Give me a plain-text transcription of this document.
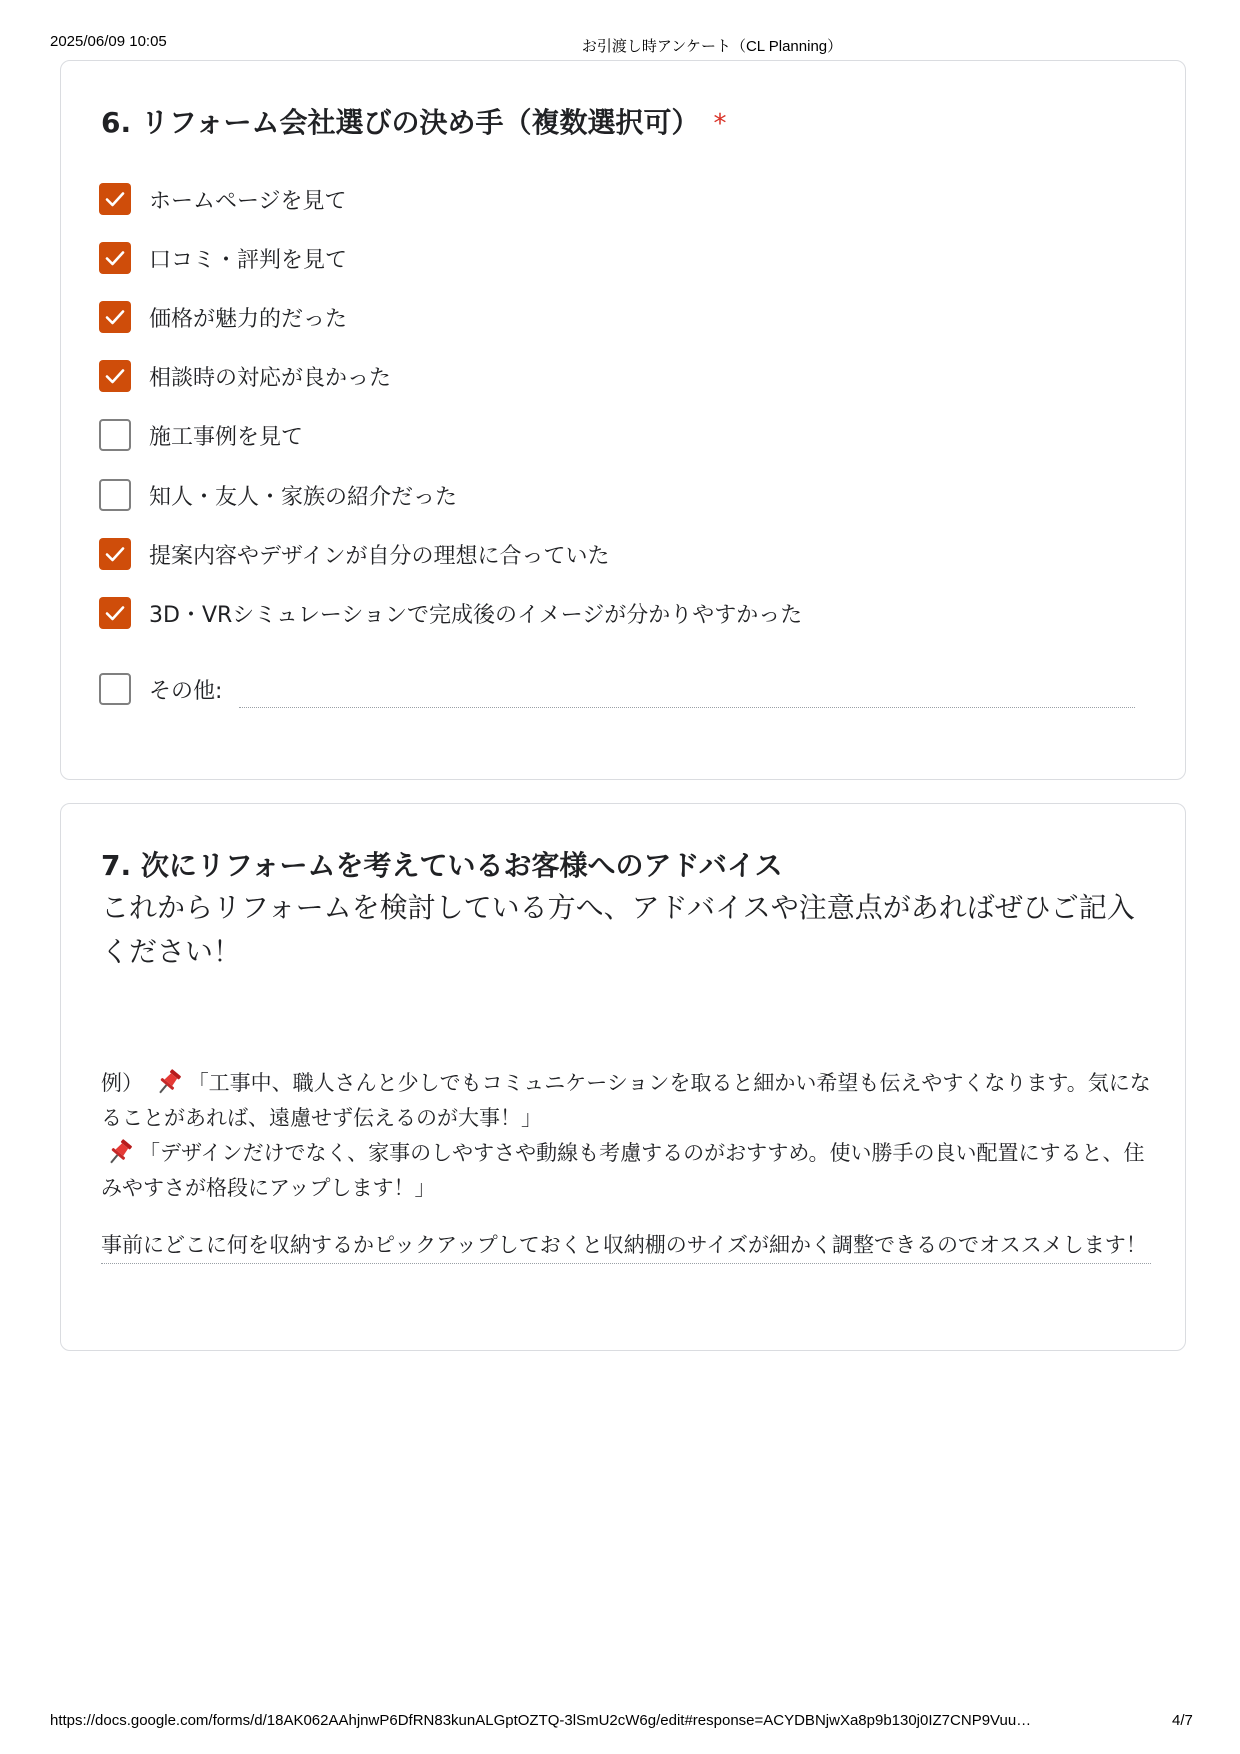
2025/06/09 10:05	お引渡し時アンケート（CL Planning）
6. リフォーム会社選びの決め手（複数選択可） *
ホームページを見て
口コミ・評判を見て
価格が魅力的だった
相談時の対応が良かった
施工事例を見て
知人・友人・家族の紹介だった
提案内容やデザインが自分の理想に合っていた
3D・VRシミュレーションで完成後のイメージが分かりやすかった
その他:
7. 次にリフォームを考えているお客様へのアドバイス
これからリフォームを検討している方へ、アドバイスや注意点があればぜひご記入ください！
例） 「工事中、職人さんと少しでもコミュニケーションを取ると細かい希望も伝えやすくなります。気になることがあれば、遠慮せず伝えるのが大事！」
「デザインだけでなく、家事のしやすさや動線も考慮するのがおすすめ。使い勝手の良い配置にすると、住みやすさが格段にアップします！」
事前にどこに何を収納するかピックアップしておくと収納棚のサイズが細かく調整できるのでオススメします！
https://docs.google.com/forms/d/18AK062AAhjnwP6DfRN83kunALGptOZTQ-3lSmU2cW6g/edit#response=ACYDBNjwXa8p9b130j0IZ7CNP9Vuu…	4/7
